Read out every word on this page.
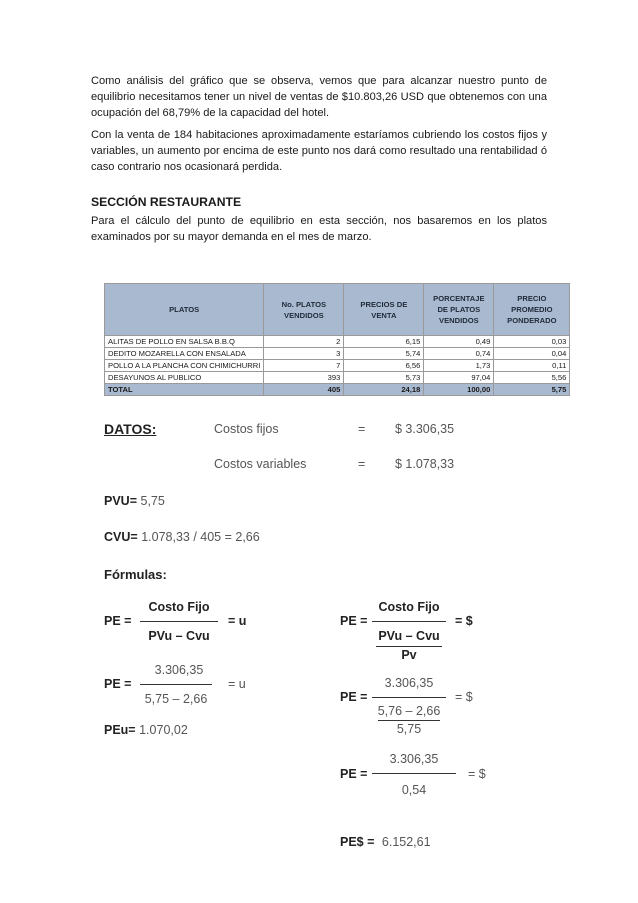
Como análisis del gráfico que se observa, vemos que para alcanzar nuestro punto de equilibrio necesitamos tener un nivel de ventas de $10.803,26 USD que obtenemos con una ocupación del 68,79% de la capacidad del hotel.

Con la venta de 184 habitaciones aproximadamente estaríamos cubriendo los costos fijos y variables, un aumento por encima de este punto nos dará como resultado una rentabilidad ó caso contrario nos ocasionará perdida.

SECCIÓN RESTAURANTE

Para el cálculo del punto de equilibrio en esta sección, nos basaremos en los platos examinados por su mayor demanda en el mes de marzo.

PLATOS	No. PLATOS VENDIDOS	PRECIOS DE VENTA	PORCENTAJE DE PLATOS VENDIDOS	PRECIO PROMEDIO PONDERADO
ALITAS DE POLLO EN SALSA B.B.Q	2	6,15	0,49	0,03
DEDITO MOZARELLA CON ENSALADA	3	5,74	0,74	0,04
POLLO A LA PLANCHA CON CHIMICHURRI	7	6,56	1,73	0,11
DESAYUNOS AL PUBLICO	393	5,73	97,04	5,56
TOTAL	405	24,18	100,00	5,75
DATOS:	Costos fijos	= $ 3.306,35
Costos variables	= $ 1.078,33
PVU= 5,75
CVU= 1.078,33 / 405 = 2,66
Fórmulas:
PE =
Costo Fijo
PVu – Cvu
= u
PE =
3.306,35
5,75 – 2,66
= u
PEu= 1.070,02
PE =
Costo Fijo
PVu – Cvu
Pv
= $
PE =
3.306,35
5,76 – 2,66
5,75
= $
PE =
3.306,35
0,54
= $
PE$ = 6.152,61
